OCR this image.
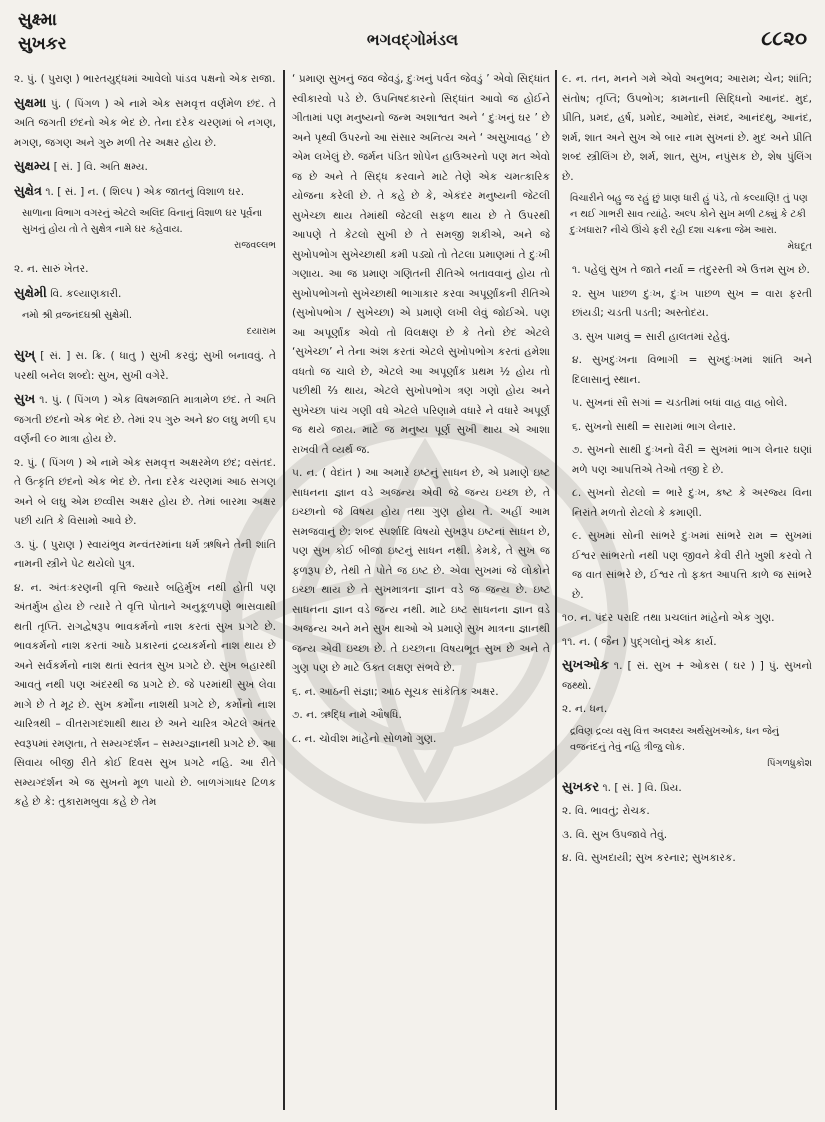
સુક્ષ્મા
સુખકર	ભગવદ્ગોમંડલ	૮૮૨૦

૨. પું. ( પુરાણ ) ભારતયુદ્ધમાં આવેલો પાંડવ પક્ષનો એક રાજા.

સુક્ષમા પું. ( પિંગળ ) એ નામે એક સમવૃત્ત વર્ણમેળ છંદ. તે અતિ જગતી છંદનો એક ભેદ છે. તેના દરેક ચરણમાં બે નગણ, મગણ, જગણ અને ગુરુ મળી તેર અક્ષર હોય છે.

સુક્ષમ્ય [ સં. ] વિ. અતિ ક્ષમ્ય.

સુક્ષેત્ર ૧. [ સં. ] ન. ( શિલ્પ ) એક જાતનું વિશાળ ઘર.

સાળાના વિભાગ વગરનું એટલે અલિંદ વિનાનું વિશાળ ઘર પૂર્વના સુખનું હોય તો તે સુક્ષેત્ર નામે ઘર કહેવાય.
રાજવલ્લભ

૨. ન. સારું ખેતર.

સુક્ષેમી વિ. કલ્યાણકારી.

નમો શ્રી વ્રજનંદઘશ્રી સુક્ષેમી.
દયારામ

સુખ્ [ સં. ] સ. ક્રિ. ( ધાતુ ) સુખી કરવું; સુખી બનાવવું. તે પરથી બનેલ શબ્દો: સુખ, સુખી વગેરે.

સુખ ૧. પું. ( પિંગળ ) એક વિષમજાતિ માત્રામેળ છંદ. તે અતિ જગતી છંદનો એક ભેદ છે. તેમાં ૨૫ ગુરુ અને ૪૦ લઘુ મળી ૬૫ વર્ણની ૯૦ માત્રા હોય છે.

૨. પું. ( પિંગળ ) એ નામે એક સમવૃત્ત અક્ષરમેળ છંદ; વસંતદ. તે ઉત્કૃતિ છંદનો એક ભેદ છે. તેના દરેક ચરણમાં આઠ સગણ અને બે લઘુ એમ છવ્વીસ અક્ષર હોય છે. તેમાં બારમા અક્ષર પછી યતિ કે વિસામો આવે છે.

૩. પું. ( પુરાણ ) સ્વાયંભુવ મન્વંતરમાંના ધર્મ ઋષિને તેની શાંતિ નામની સ્ત્રીને પેટ થયેલો પુત્ર.

૪. ન. અંતઃકરણની વૃત્તિ જ્યારે બહિર્મુખ નથી હોતી પણ અંતર્મુખ હોય છે ત્યારે તે વૃત્તિ પોતાને અનુકૂળપણે ભાસવાથી થતી તૃપ્તિ. રાગદ્વેષરૂપ ભાવકર્મનો નાશ કરતાં સુખ પ્રગટે છે. ભાવકર્મનો નાશ કરતાં આઠે પ્રકારનાં દ્રવ્યકર્મનો નાશ થાય છે અને સર્વકર્મનો નાશ થતાં સ્વતંત્ર સુખ પ્રગટે છે. સુખ બહારથી આવતું નથી પણ અંદરથી જ પ્રગટે છે. જે પરમાંથી સુખ લેવા માગે છે તે મૂઢ છે. સુખ કર્મોના નાશથી પ્રગટે છે, કર્મોનો નાશ ચારિત્રથી – વીતરાગદશાથી થાય છે અને ચારિત્ર એટલે અંતર સ્વરૂપમાં રમણતા, તે સમ્યગ્દર્શન – સમ્યગ્જ્ઞાનથી પ્રગટે છે. આ સિવાય બીજી રીતે કોઈ દિવસ સુખ પ્રગટે નહિ. આ રીતે સમ્યગ્દર્શન એ જ સુખનો મૂળ પાયો છે. બાળગંગાધર ટિળક કહે છે કે: તુકારામબુવા કહે છે તેમ

‘ પ્રમાણ સુખનું જવ જેવડું, દુઃખનું પર્વત જેવડું ’ એવો સિદ્ધાંત સ્વીકારવો પડે છે. ઉપનિષદકારનો સિદ્ધાંત આવો જ હોઈને ગીતામાં પણ મનુષ્યનો જન્મ અશાશ્વત અને ‘ દુઃખનું ઘર ’ છે અને પૃથ્વી ઉપરનો આ સંસાર અનિત્ય અને ‘ અસુખાવહ ’ છે એમ લખેલું છે. જર્મન પંડિત શોપેન હાઉઅરનો પણ મત એવો જ છે અને તે સિદ્ધ કરવાને માટે તેણે એક ચમત્કારિક યોજના કરેલી છે. તે કહે છે કે, એકંદર મનુષ્યની જેટલી સુખેચ્છા થાય તેમાંથી જેટલી સફળ થાય છે તે ઉપરથી આપણે તે કેટલો સુખી છે તે સમજી શકીએ, અને જે સુખોપભોગ સુખેચ્છાથી કમી પડ્યો તો તેટલા પ્રમાણમાં તે દુઃખી ગણાય. આ જ પ્રમાણ ગણિતની રીતિએ બતાવવાનું હોય તો સુખોપભોગનો સુખેચ્છાથી ભાગાકાર કરવા અપૂર્ણાંકની રીતિએ (સુખોપભોગ / સુખેચ્છા) એ પ્રમાણે લખી લેવું જોઈએ. પણ આ અપૂર્ણાંક એવો તો વિલક્ષણ છે કે તેનો છેદ એટલે ‘સુખેચ્છા’ ને તેના અંશ કરતાં એટલે સુખોપભોગ કરતાં હમેશા વધતો જ ચાલે છે, એટલે આ અપૂર્ણાંક પ્રથમ ½ હોય તો પછીથી ⅔ થાય, એટલે સુખોપભોગ ત્રણ ગણો હોય અને સુખેચ્છા પાંચ ગણી વધે એટલે પરિણામે વધારે ને વધારે અપૂર્ણ જ થયે જાય. માટે જ મનુષ્ય પૂર્ણ સુખી થાય એ આશા રાખવી તે વ્યર્થ જ.

૫. ન. ( વેદાંત ) આ અમારે ઇષ્ટનું સાધન છે, એ પ્રમાણે ઇષ્ટ સાધનના જ્ઞાન વડે અજન્ય એવી જે જન્ય ઇચ્છા છે, તે ઇચ્છાનો જે વિષય હોય તથા ગુણ હોય તે. અહીં આમ સમજવાનું છે: શબ્દ સ્પર્શાદિ વિષયો સુખરૂપ ઇષ્ટનાં સાધન છે, પણ સુખ કોઈ બીજા ઇષ્ટનું સાધન નથી. કેમકે, તે સુખ જ ફળરૂપ છે, તેથી તે પોતે જ ઇષ્ટ છે. એવા સુખમાં જે લોકોને ઇચ્છા થાય છે તે સુખમાત્રના જ્ઞાન વડે જ જન્ય છે. ઇષ્ટ સાધનના જ્ઞાન વડે જન્ય નથી. માટે ઇષ્ટ સાધનના જ્ઞાન વડે અજન્ય અને મને સુખ થાઓ એ પ્રમાણે સુખ માત્રના જ્ઞાનથી જન્ય એવી ઇચ્છા છે. તે ઇચ્છાના વિષયભૂત સુખ છે અને તે ગુણ પણ છે માટે ઉક્ત લક્ષણ સંભવે છે.

૬. ન. આઠની સંજ્ઞા; આઠ સૂચક સાંકેતિક અક્ષર.

૭. ન. ઋદ્ધિ નામે ઔષધિ.

૮. ન. ચોવીશ માંહેનો સોળમો ગુણ.

૯. ન. તન, મનને ગમે એવો અનુભવ; આરામ; ચેન; શાંતિ; સંતોષ; તૃપ્તિ; ઉપભોગ; કામનાની સિદ્ધિનો આનંદ. મુદ, પ્રીતિ, પ્રમદ, હર્ષ, પ્રમોદ, આમોદ, સંમદ, આનંદથુ, આનંદ, શર્મ, શાત અને સુખ એ બાર નામ સુખનાં છે. મુદ અને પ્રીતિ શબ્દ સ્ત્રીલિંગ છે, શર્મ, શાત, સુખ, નપુંસક છે, શેષ પુંલિંગ છે.

વિચારીને બહુ જ રહું છું પ્રાણ ધારી હું પંડે, તો કલ્યાણિ! તું પણ ન થઈ ગાભરી સાવ ત્યાંહે. અલ્પ કોને સુખ મળી ટક્યું કે ટકી દુઃખધારા? નીચે ઊંચે ફરી રહી દશા ચક્રના જેમ આરા.
મેઘદૂત

૧. પહેલું સુખ તે જાતે નર્યા = તંદુરસ્તી એ ઉત્તમ સુખ છે.

૨. સુખ પાછળ દુઃખ, દુઃખ પાછળ સુખ = વારા ફરતી છાંયડી; ચડતી પડતી; અસ્તોદય.

૩. સુખ પામવું = સારી હાલતમાં રહેવું.

૪. સુખદુઃખના વિભાગી = સુખદુઃખમાં શાંતિ અને દિલાસાનું સ્થાન.

૫. સુખનાં સૌ સગાં = ચડતીમાં બધાં વાહ વાહ બોલે.

૬. સુખનો સાથી = સારામાં ભાગ લેનાર.

૭. સુખનો સાથી દુઃખનો વૈરી = સુખમાં ભાગ લેનાર ઘણાં મળે પણ આપત્તિએ તેઓ તજી દે છે.

૮. સુખનો રોટલો = ભારે દુઃખ, કષ્ટ કે અરજ્ય વિના નિરાંતે મળતો રોટલો કે કમાણી.

૯. સુખમાં સોની સાંભરે દુઃખમાં સાંભરે રામ = સુખમાં ઈશ્વર સાંભરતો નથી પણ જીવને કેવી રીતે ખુશી કરવો તે જ વાત સાંભરે છે, ઈશ્વર તો ફક્ત આપત્તિ કાળે જ સાંભરે છે.

૧૦. ન. પંદર પરાદિ તથા પ્રચલાંત માંહેનો એક ગુણ.

૧૧. ન. ( જૈન ) પુદ્ગલોનું એક કાર્ય.

સુખઓક ૧. [ સં. સુખ + ઓકસ ( ઘર ) ] પું. સુખનો જથ્થો.

૨. ન. ધન.

દ્રવિણ દ્રવ્ય વસુ વિત્ત અલક્ષ્ય અર્થસુખઓક, ધન જેનું વજનંદનું તેવું નહિ ત્રીજુ લોક.
પિંગળધ્રુકોશ

સુખકર ૧. [ સં. ] વિ. પ્રિય.

૨. વિ. ભાવતું; રોચક.

૩. વિ. સુખ ઉપજાવે તેવું.

૪. વિ. સુખદાયી; સુખ કરનાર; સુખકારક.
